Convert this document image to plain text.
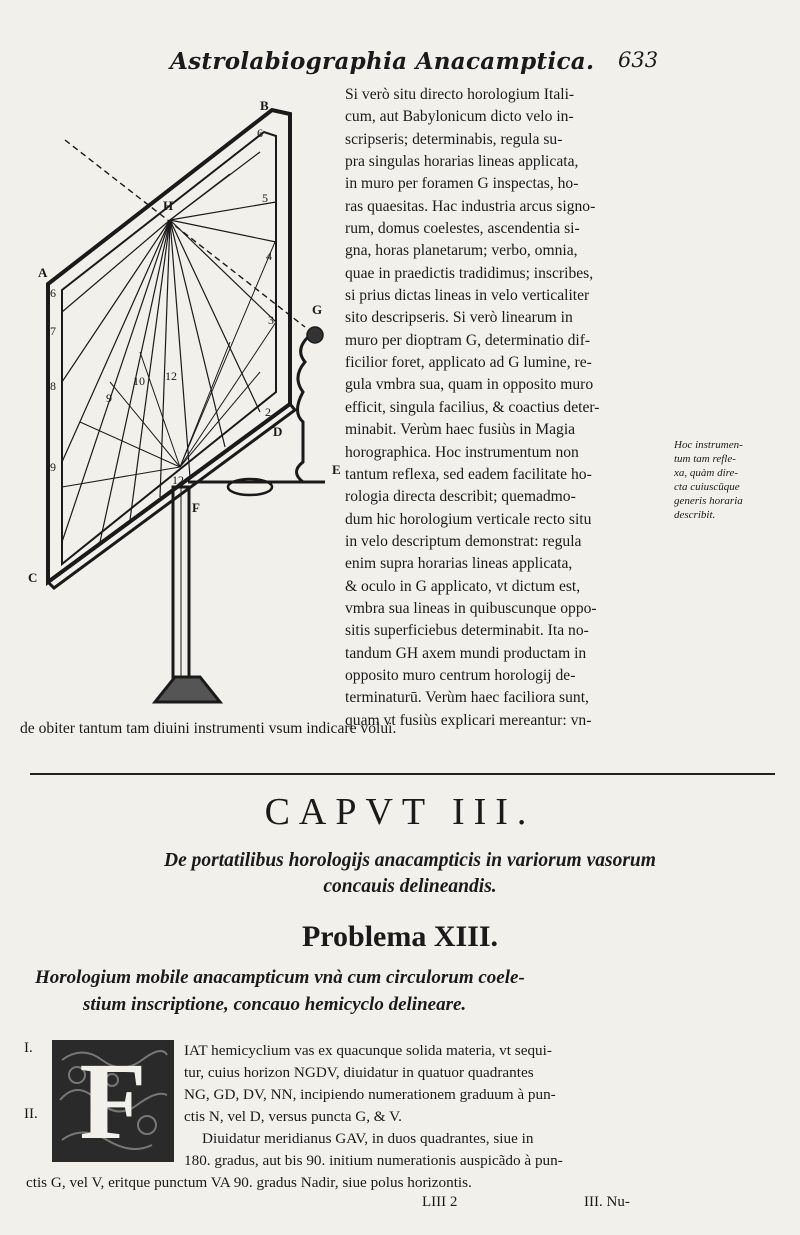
Astrolabiographia Anacamptica. 633
B
H
A
C
D
E
F
G
6
5
4
3
2
6
7
8
9
9
10 12
12
Si verò situ directo horologium Itali-
cum, aut Babylonicum dicto velo in-
scripseris; determinabis, regula su-
pra singulas horarias lineas applicata,
in muro per foramen G inspectas, ho-
ras quaesitas. Hac industria arcus signo-
rum, domus coelestes, ascendentia si-
gna, horas planetarum; verbo, omnia,
quae in praedictis tradidimus; inscribes,
si prius dictas lineas in velo verticaliter
sito descripseris. Si verò linearum in
muro per dioptram G, determinatio dif-
ficilior foret, applicato ad G lumine, re-
gula vmbra sua, quam in opposito muro
efficit, singula facilius, & coactius deter-
minabit. Verùm haec fusiùs in Magia
horographica. Hoc instrumentum non
tantum reflexa, sed eadem facilitate ho-
rologia directa describit; quemadmo-
dum hic horologium verticale recto situ
in velo descriptum demonstrat: regula
enim supra horarias lineas applicata,
& oculo in G applicato, vt dictum est,
vmbra sua lineas in quibuscunque oppo-
sitis superficiebus determinabit. Ita no-
tandum GH axem mundi productam in
opposito muro centrum horologij de-
terminaturū. Verùm haec faciliora sunt,
quam vt fusiùs explicari mereantur: vn-
de obiter tantum tam diuini instrumenti vsum indicare volui.
Hoc instrumen-
tum tam refle-
xa, quàm dire-
cta cuiuscūque
generis horaria
describit.
CAPVT III.
De portatilibus horologijs anacampticis in variorum vasorum
concauis delineandis.
Problema XIII.
Horologium mobile anacampticum vnà cum circulorum coele-
stium inscriptione, concauo hemicyclo delineare.
I.
II. F	IAT hemicyclium vas ex quacunque solida materia, vt sequi-
tur, cuius horizon NGDV, diuidatur in quatuor quadrantes
NG, GD, DV, NN, incipiendo numerationem graduum à pun-
ctis N, vel D, versus puncta G, & V.
Diuidatur meridianus GAV, in duos quadrantes, siue in
180. gradus, aut bis 90. initium numerationis auspicãdo à pun-
ctis G, vel V, eritque punctum VA 90. gradus Nadir, siue polus horizontis.
LIII 2	III. Nu-
